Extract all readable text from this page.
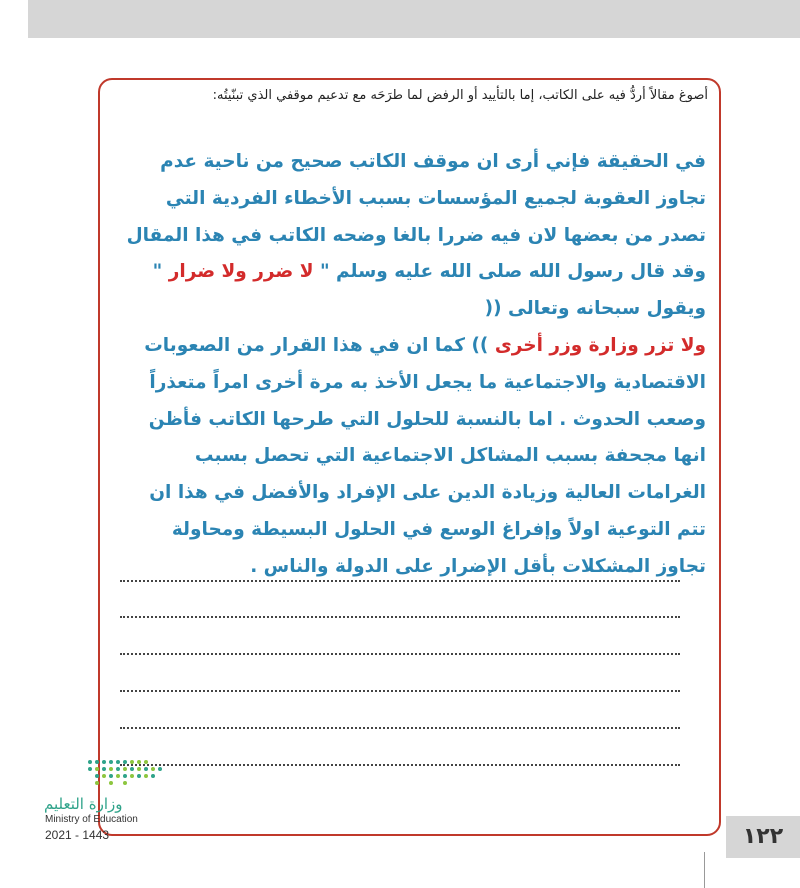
أصوغ مقالاً أردُّ فيه على الكاتب، إما بالتأييد أو الرفض لما طرَحَه مع تدعيم موقفي الذي تبنّيتُه:
في الحقيقة فإني أرى ان موقف الكاتب صحيح من ناحية عدم تجاوز العقوبة لجميع المؤسسات بسبب الأخطاء الفردية التي تصدر من بعضها لان فيه ضررا بالغا وضحه الكاتب في هذا المقال وقد قال رسول الله صلى الله عليه وسلم " لا ضرر ولا ضرار " ويقول سبحانه وتعالى ((
ولا تزر وزارة وزر أخرى )) كما ان في هذا القرار من الصعوبات الاقتصادية والاجتماعية ما يجعل الأخذ به مرة أخرى امراً متعذراً وصعب الحدوث . اما بالنسبة للحلول التي طرحها الكاتب فأظن انها مجحفة بسبب المشاكل الاجتماعية التي تحصل بسبب الغرامات العالية وزيادة الدين على الإفراد والأفضل في هذا ان تتم التوعية اولاً وإفراغ الوسع في الحلول البسيطة ومحاولة تجاوز المشكلات بأقل الإضرار على الدولة والناس .
وزارة التعليم
Ministry of Education
2021 - 1443	١٢٢
